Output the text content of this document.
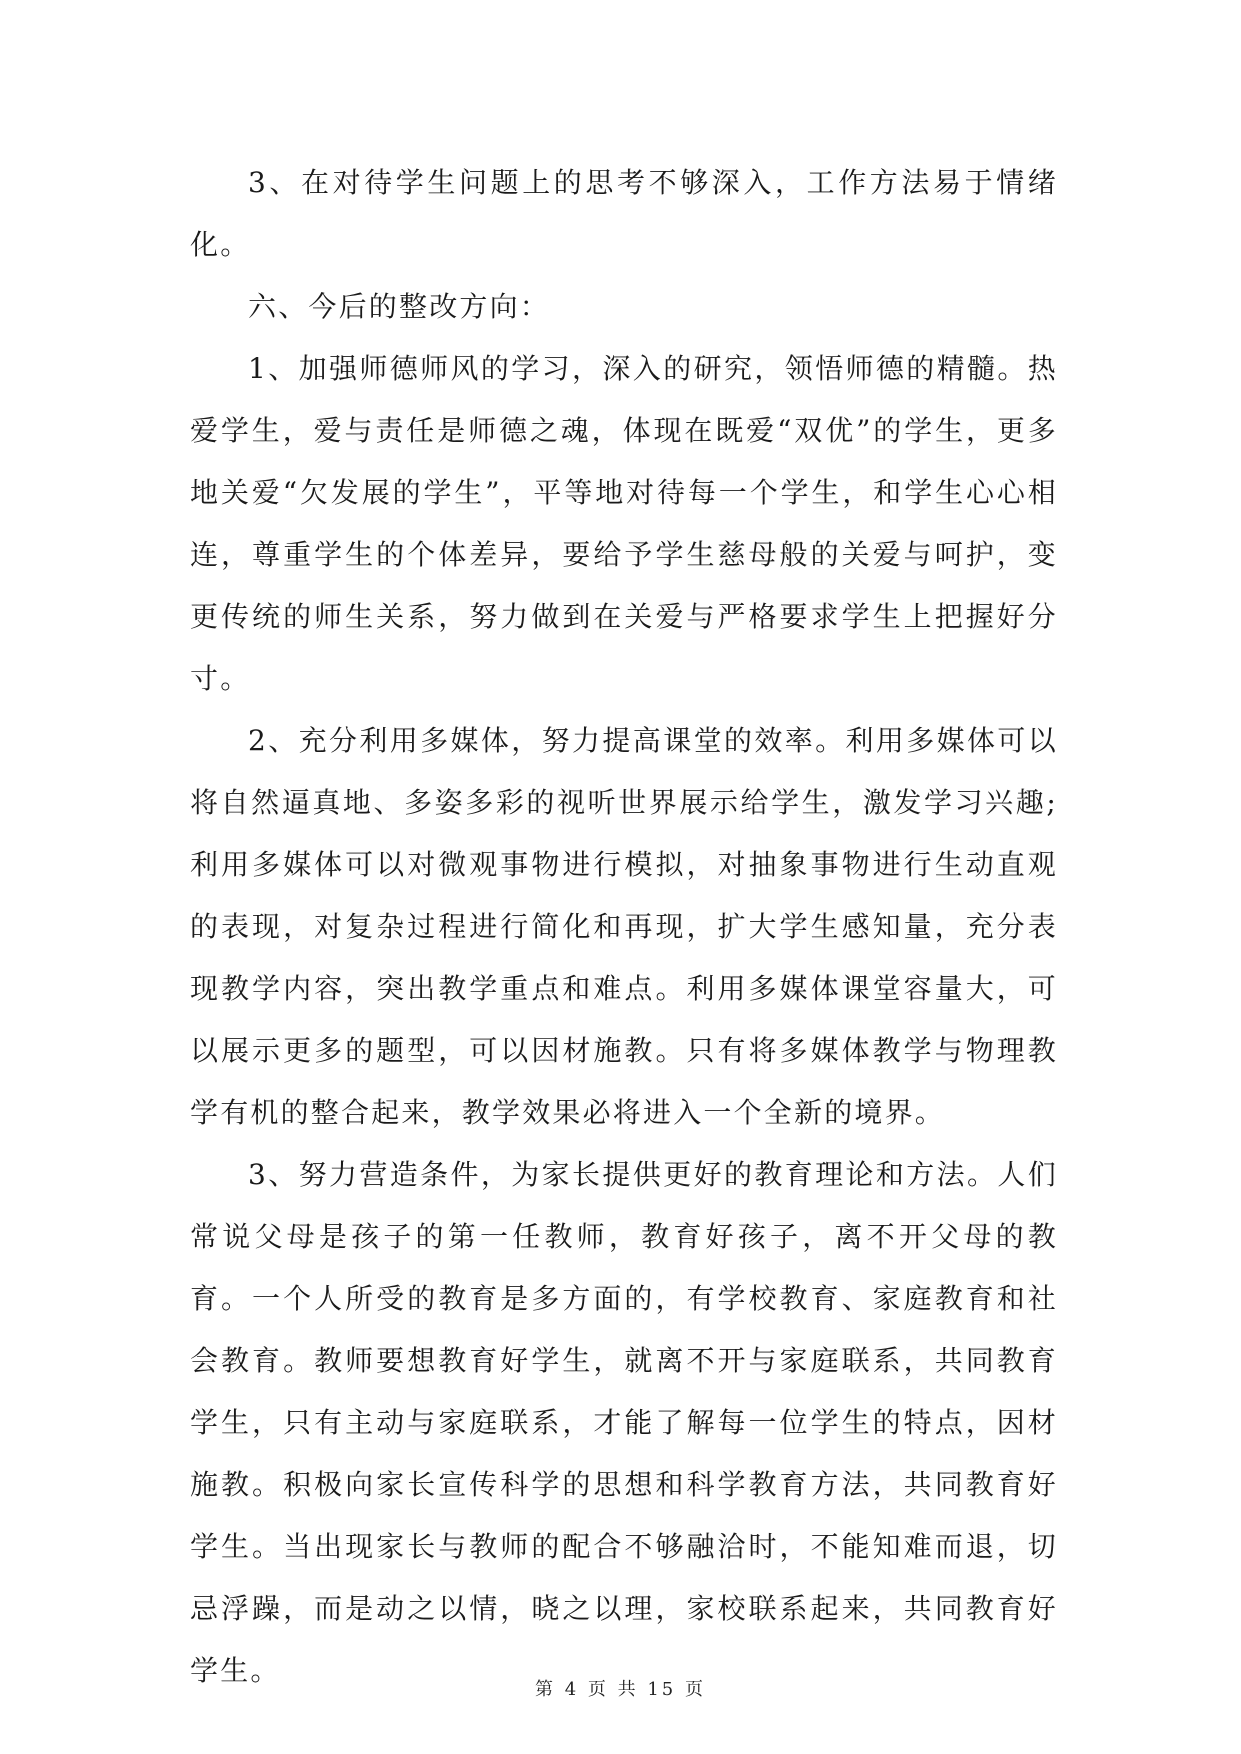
3、在对待学生问题上的思考不够深入，工作方法易于情绪化。

六、今后的整改方向：

1、加强师德师风的学习，深入的研究，领悟师德的精髓。热爱学生，爱与责任是师德之魂，体现在既爱“双优”的学生，更多地关爱“欠发展的学生”，平等地对待每一个学生，和学生心心相连，尊重学生的个体差异，要给予学生慈母般的关爱与呵护，变更传统的师生关系，努力做到在关爱与严格要求学生上把握好分寸。

2、充分利用多媒体，努力提高课堂的效率。利用多媒体可以将自然逼真地、多姿多彩的视听世界展示给学生，激发学习兴趣;利用多媒体可以对微观事物进行模拟，对抽象事物进行生动直观的表现，对复杂过程进行简化和再现，扩大学生感知量，充分表现教学内容，突出教学重点和难点。利用多媒体课堂容量大，可以展示更多的题型，可以因材施教。只有将多媒体教学与物理教学有机的整合起来，教学效果必将进入一个全新的境界。

3、努力营造条件，为家长提供更好的教育理论和方法。人们常说父母是孩子的第一任教师，教育好孩子，离不开父母的教育。一个人所受的教育是多方面的，有学校教育、家庭教育和社会教育。教师要想教育好学生，就离不开与家庭联系，共同教育学生，只有主动与家庭联系，才能了解每一位学生的特点，因材施教。积极向家长宣传科学的思想和科学教育方法，共同教育好学生。当出现家长与教师的配合不够融洽时，不能知难而退，切忌浮躁，而是动之以情，晓之以理，家校联系起来，共同教育好学生。

第 4 页 共 15 页
